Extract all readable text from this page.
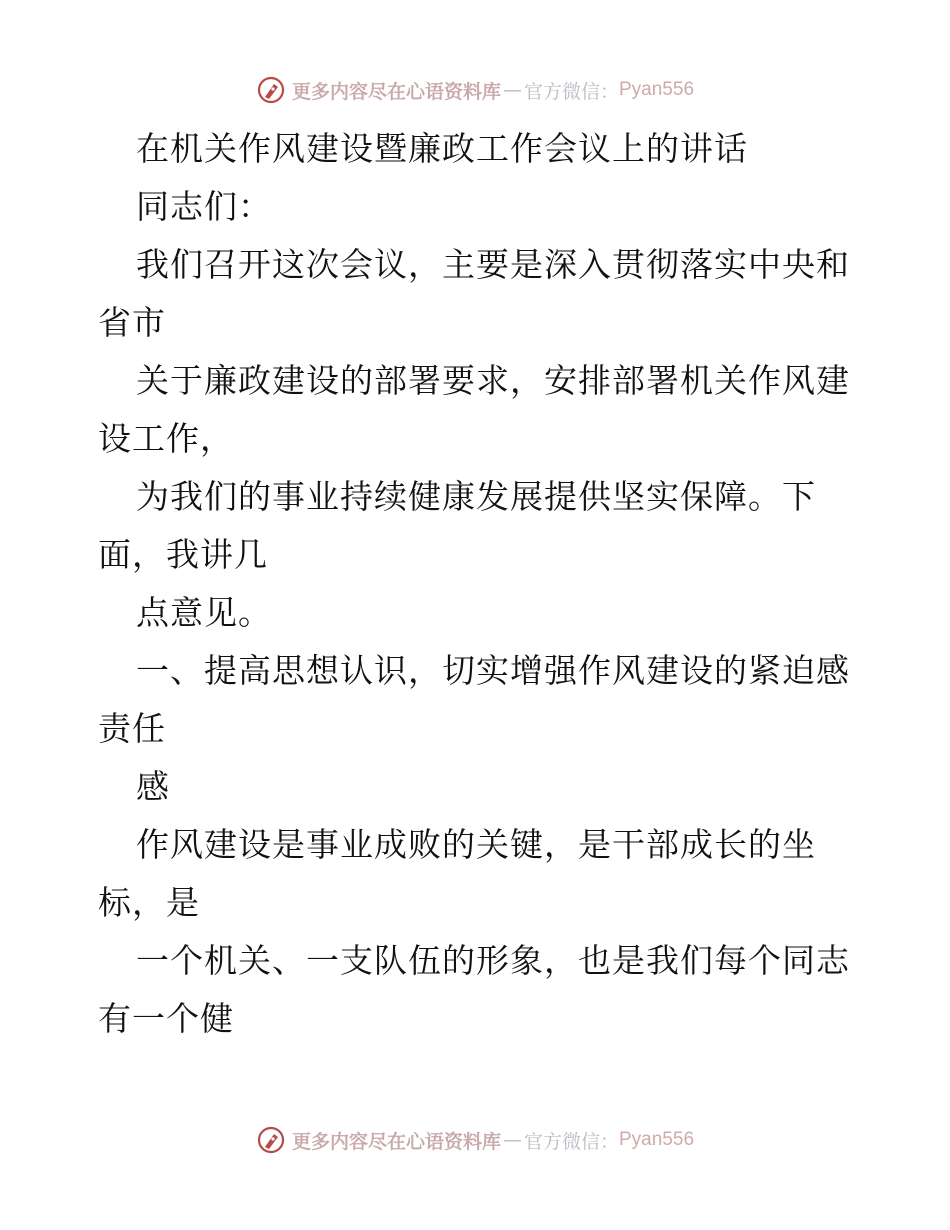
更多内容尽在心语资料库 — 官方微信： Pyan556
在机关作风建设暨廉政工作会议上的讲话
同志们：
我们召开这次会议，主要是深入贯彻落实中央和
省市
关于廉政建设的部署要求，安排部署机关作风建
设工作，
为我们的事业持续健康发展提供坚实保障。下
面，我讲几
点意见。
一、提高思想认识，切实增强作风建设的紧迫感
责任
感
作风建设是事业成败的关键，是干部成长的坐
标，是
一个机关、一支队伍的形象，也是我们每个同志
有一个健
更多内容尽在心语资料库 — 官方微信： Pyan556
